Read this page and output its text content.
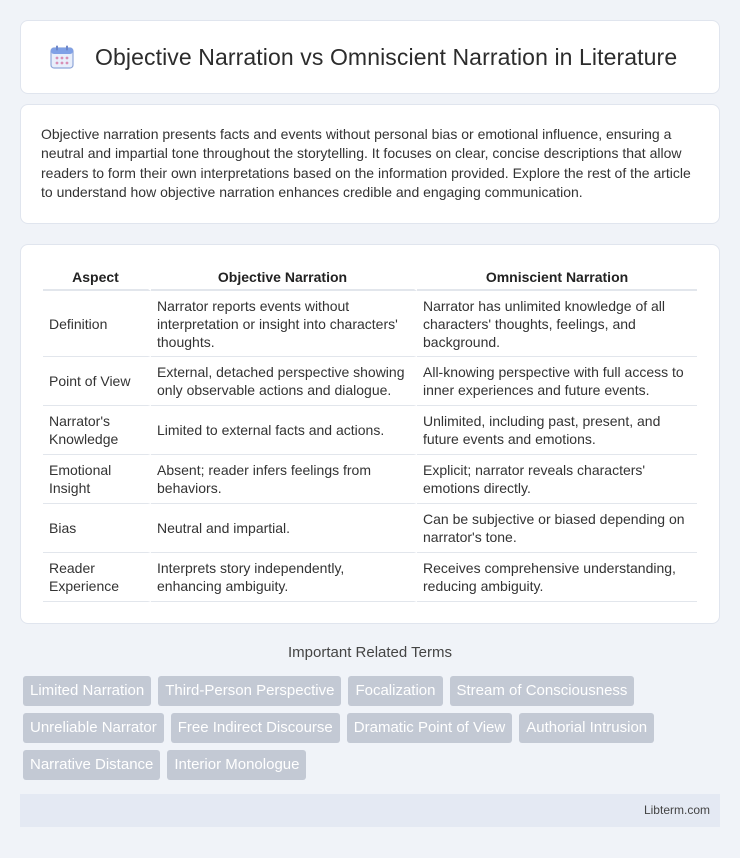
Objective Narration vs Omniscient Narration in Literature

Objective narration presents facts and events without personal bias or emotional influence, ensuring a neutral and impartial tone throughout the storytelling. It focuses on clear, concise descriptions that allow readers to form their own interpretations based on the information provided. Explore the rest of the article to understand how objective narration enhances credible and engaging communication.

Aspect	Objective Narration	Omniscient Narration
Definition	Narrator reports events without interpretation or insight into characters' thoughts.	Narrator has unlimited knowledge of all characters' thoughts, feelings, and background.
Point of View	External, detached perspective showing only observable actions and dialogue.	All-knowing perspective with full access to inner experiences and future events.
Narrator's Knowledge	Limited to external facts and actions.	Unlimited, including past, present, and future events and emotions.
Emotional Insight	Absent; reader infers feelings from behaviors.	Explicit; narrator reveals characters' emotions directly.
Bias	Neutral and impartial.	Can be subjective or biased depending on narrator's tone.
Reader Experience	Interprets story independently, enhancing ambiguity.	Receives comprehensive understanding, reducing ambiguity.
Important Related Terms
Limited Narration	Third-Person Perspective	Focalization	Stream of Consciousness
Unreliable Narrator	Free Indirect Discourse	Dramatic Point of View	Authorial Intrusion
Narrative Distance	Interior Monologue
Libterm.com
